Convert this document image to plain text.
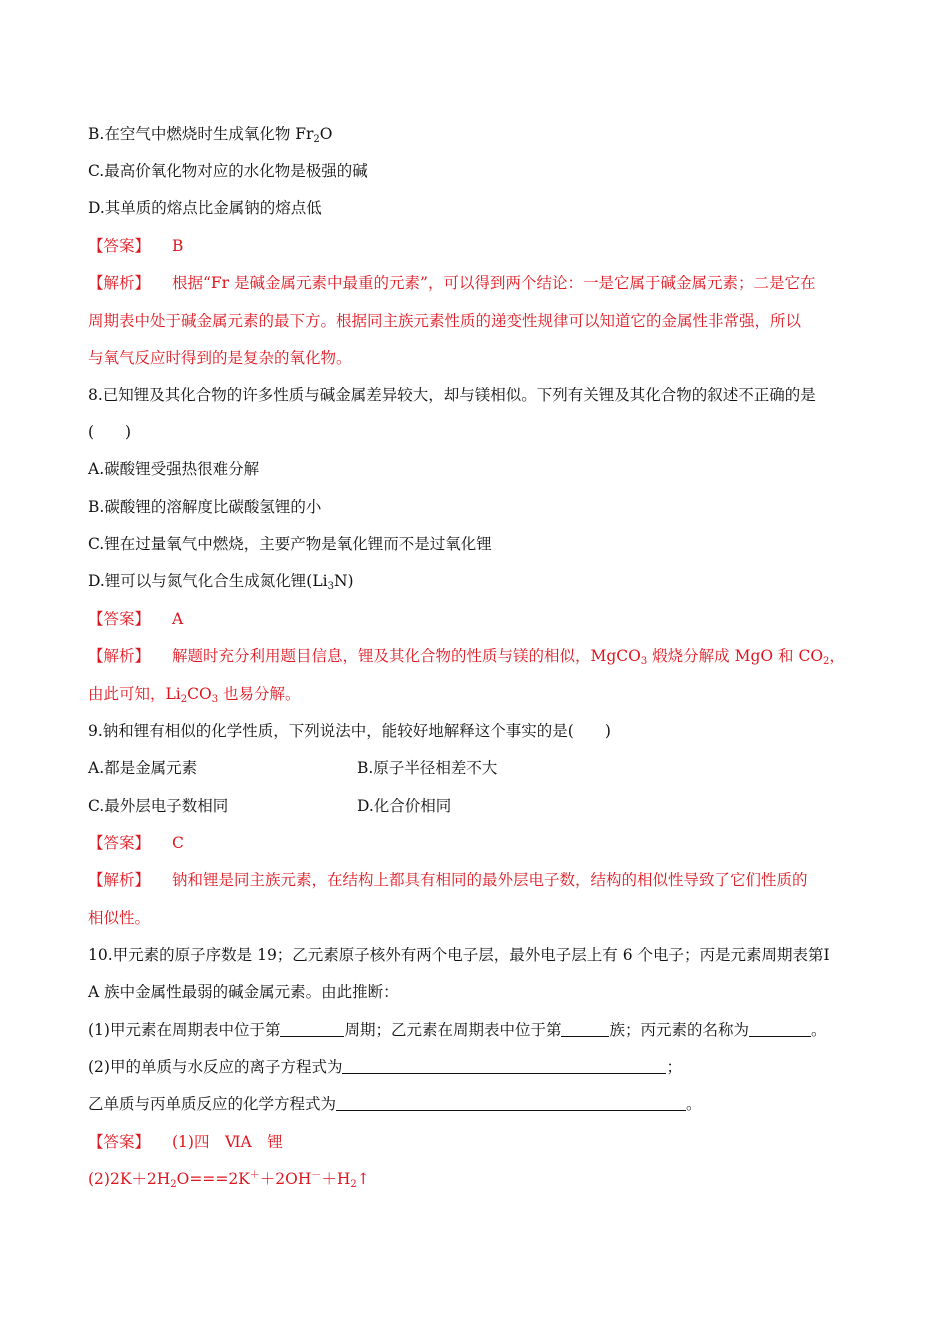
B.在空气中燃烧时生成氧化物 $Fr_2O$
C.最高价氧化物对应的水化物是极强的碱
D.其单质的熔点比金属钠的熔点低
【答案】 B
【解析】 根据“Fr 是碱金属元素中最重的元素”，可以得到两个结论：一是它属于碱金属元素；二是它在
周期表中处于碱金属元素的最下方。根据同主族元素性质的递变性规律可以知道它的金属性非常强，所以
与氧气反应时得到的是复杂的氧化物。
8.已知锂及其化合物的许多性质与碱金属差异较大，却与镁相似。下列有关锂及其化合物的叙述不正确的是
(　　)
A.碳酸锂受强热很难分解
B.碳酸锂的溶解度比碳酸氢锂的小
C.锂在过量氧气中燃烧，主要产物是氧化锂而不是过氧化锂
D.锂可以与氮气化合生成氮化锂$(Li_3N)$
【答案】 A
【解析】 解题时充分利用题目信息，锂及其化合物的性质与镁的相似，MgCO$_3$ 煅烧分解成 MgO 和 $CO_2$，
由此可知，$Li_2CO_3$ 也易分解。
9.钠和锂有相似的化学性质，下列说法中，能较好地解释这个事实的是(　　)
A.都是金属元素	B.原子半径相差不大
C.最外层电子数相同	D.化合价相同
【答案】 C
【解析】 钠和锂是同主族元素，在结构上都具有相同的最外层电子数，结构的相似性导致了它们性质的
相似性。
10.甲元素的原子序数是 19；乙元素原子核外有两个电子层，最外电子层上有 6 个电子；丙是元素周期表第Ⅰ
A 族中金属性最弱的碱金属元素。由此推断：
(1)甲元素在周期表中位于第	周期；乙元素在周期表中位于第	族；丙元素的名称为	。
(2)甲的单质与水反应的离子方程式为	；
乙单质与丙单质反应的化学方程式为	。
【答案】 (1)四　ⅥA　锂
$(2)2K+2H_2O===2K^++2OH^-+H_2↑$
